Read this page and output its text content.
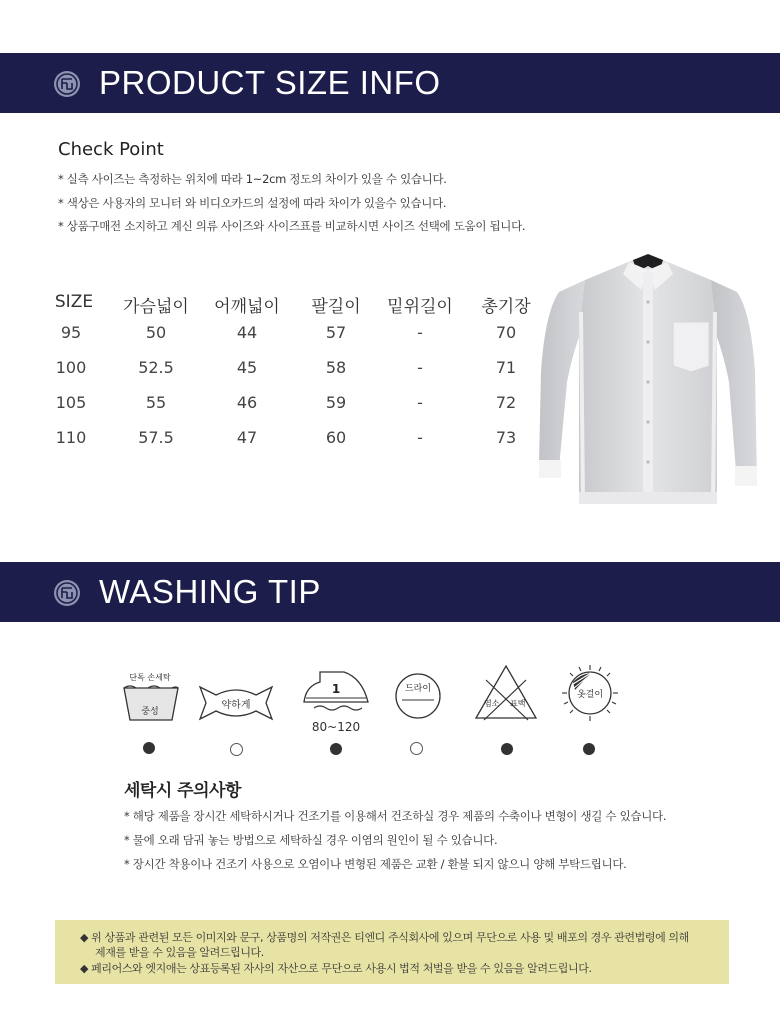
PRODUCT SIZE INFO
Check Point
* 실측 사이즈는 측정하는 위치에 따라 1~2cm 정도의 차이가 있을 수 있습니다.
* 색상은 사용자의 모니터 와 비디오카드의 설정에 따라 차이가 있을수 있습니다.
* 상품구매전 소지하고 계신 의류 사이즈와 사이즈표를 비교하시면 사이즈 선택에 도움이 됩니다.
SIZE	가슴넓이	어깨넓이	팔길이	밑위길이	총기장
95	50	44	57	-	70
100	52.5	45	58	-	71
105	55	46	59	-	72
110	57.5	47	60	-	73
WASHING TIP
단독 손세탁
중성
약하게
1
80~120
드라이
염소 표백
옷걸이
세탁시 주의사항
* 해당 제품을 장시간 세탁하시거나 건조기를 이용해서 건조하실 경우 제품의 수축이나 변형이 생길 수 있습니다.
* 물에 오래 담궈 놓는 방법으로 세탁하실 경우 이염의 원인이 될 수 있습니다.
* 장시간 착용이나 건조기 사용으로 오염이나 변형된 제품은 교환 / 환불 되지 않으니 양해 부탁드립니다.
◆ 위 상품과 관련된 모든 이미지와 문구, 상품명의 저작권은 티엔디 주식회사에 있으며 무단으로 사용 및 배포의 경우 관련법령에 의해
제재를 받을 수 있음을 알려드립니다.
◆ 페리어스와 엣지애는 상표등록된 자사의 자산으로 무단으로 사용시 법적 처벌을 받을 수 있음을 알려드립니다.
